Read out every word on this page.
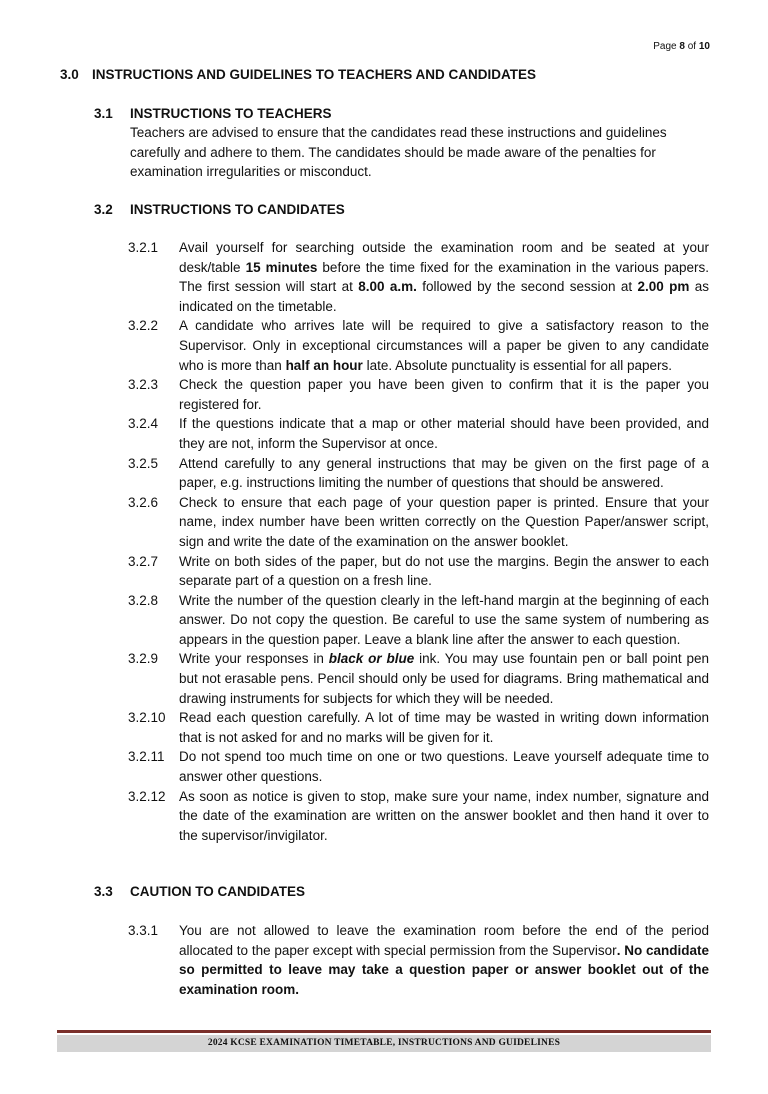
Page 8 of 10
3.0 INSTRUCTIONS AND GUIDELINES TO TEACHERS AND CANDIDATES
3.1 INSTRUCTIONS TO TEACHERS
Teachers are advised to ensure that the candidates read these instructions and guidelines carefully and adhere to them. The candidates should be made aware of the penalties for examination irregularities or misconduct.
3.2 INSTRUCTIONS TO CANDIDATES
3.2.1	Avail yourself for searching outside the examination room and be seated at your desk/table 15 minutes before the time fixed for the examination in the various papers. The first session will start at 8.00 a.m. followed by the second session at 2.00 pm as indicated on the timetable.
3.2.2	A candidate who arrives late will be required to give a satisfactory reason to the Supervisor. Only in exceptional circumstances will a paper be given to any candidate who is more than half an hour late. Absolute punctuality is essential for all papers.
3.2.3	Check the question paper you have been given to confirm that it is the paper you registered for.
3.2.4	If the questions indicate that a map or other material should have been provided, and they are not, inform the Supervisor at once.
3.2.5	Attend carefully to any general instructions that may be given on the first page of a paper, e.g. instructions limiting the number of questions that should be answered.
3.2.6	Check to ensure that each page of your question paper is printed. Ensure that your name, index number have been written correctly on the Question Paper/answer script, sign and write the date of the examination on the answer booklet.
3.2.7	Write on both sides of the paper, but do not use the margins. Begin the answer to each separate part of a question on a fresh line.
3.2.8	Write the number of the question clearly in the left-hand margin at the beginning of each answer. Do not copy the question. Be careful to use the same system of numbering as appears in the question paper. Leave a blank line after the answer to each question.
3.2.9	Write your responses in black or blue ink. You may use fountain pen or ball point pen but not erasable pens. Pencil should only be used for diagrams. Bring mathematical and drawing instruments for subjects for which they will be needed.
3.2.10 Read each question carefully. A lot of time may be wasted in writing down information that is not asked for and no marks will be given for it.
3.2.11	Do not spend too much time on one or two questions. Leave yourself adequate time to answer other questions.
3.2.12 As soon as notice is given to stop, make sure your name, index number, signature and the date of the examination are written on the answer booklet and then hand it over to the supervisor/invigilator.
3.3 CAUTION TO CANDIDATES
3.3.1	You are not allowed to leave the examination room before the end of the period allocated to the paper except with special permission from the Supervisor. No candidate so permitted to leave may take a question paper or answer booklet out of the examination room.
2024 KCSE EXAMINATION TIMETABLE, INSTRUCTIONS AND GUIDELINES
